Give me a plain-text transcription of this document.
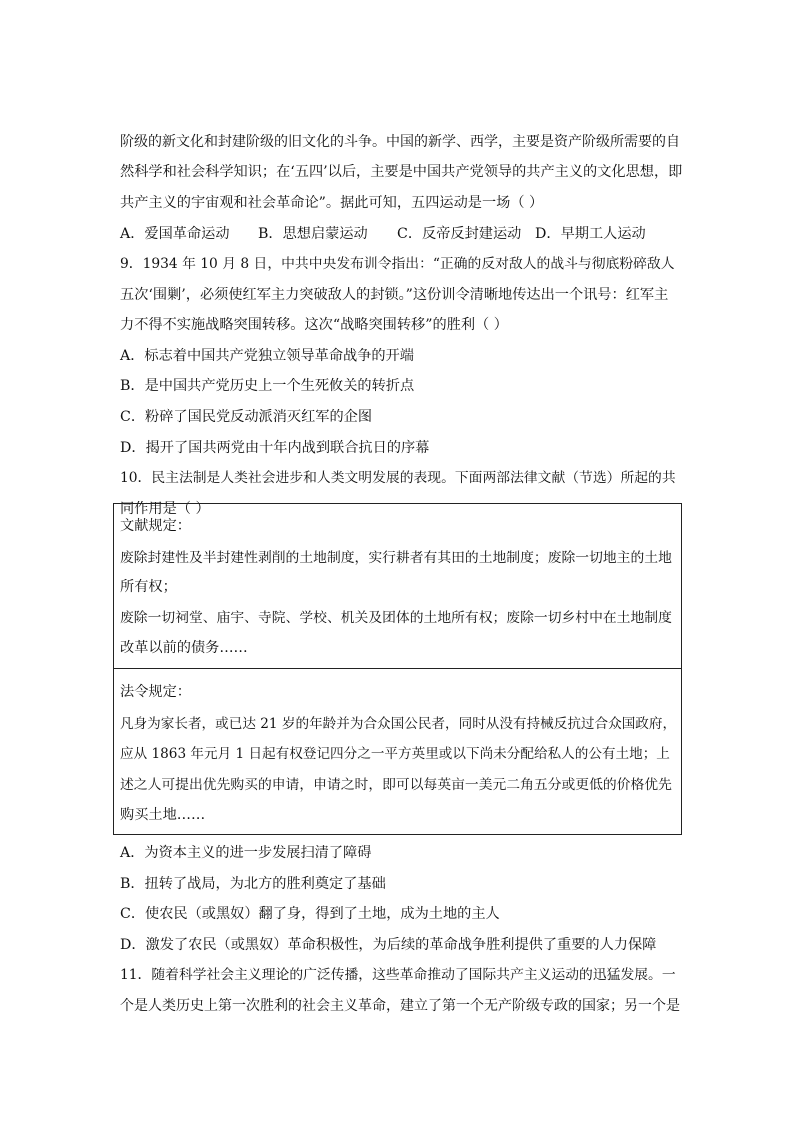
阶级的新文化和封建阶级的旧文化的斗争。中国的新学、西学，主要是资产阶级所需要的自
然科学和社会科学知识；在‘五四’以后，主要是中国共产党领导的共产主义的文化思想，即
共产主义的宇宙观和社会革命论”。据此可知，五四运动是一场（ ）
A．爱国革命运动 B．思想启蒙运动 C．反帝反封建运动 D．早期工人运动
9．1934 年 10 月 8 日，中共中央发布训令指出：“正确的反对敌人的战斗与彻底粉碎敌人
五次‘围剿’，必须使红军主力突破敌人的封锁。”这份训令清晰地传达出一个讯号：红军主
力不得不实施战略突围转移。这次“战略突围转移”的胜利（ ）
A．标志着中国共产党独立领导革命战争的开端
B．是中国共产党历史上一个生死攸关的转折点
C．粉碎了国民党反动派消灭红军的企图
D．揭开了国共两党由十年内战到联合抗日的序幕
10．民主法制是人类社会进步和人类文明发展的表现。下面两部法律文献（节选）所起的共
同作用是（ ）
文献规定：
废除封建性及半封建性剥削的土地制度，实行耕者有其田的土地制度；废除一切地主的土地
所有权；
废除一切祠堂、庙宇、寺院、学校、机关及团体的土地所有权；废除一切乡村中在土地制度
改革以前的债务……
法令规定：
凡身为家长者，或已达 21 岁的年龄并为合众国公民者，同时从没有持械反抗过合众国政府，
应从 1863 年元月 1 日起有权登记四分之一平方英里或以下尚未分配给私人的公有土地；上
述之人可提出优先购买的申请，申请之时，即可以每英亩一美元二角五分或更低的价格优先
购买土地……
A．为资本主义的进一步发展扫清了障碍
B．扭转了战局，为北方的胜利奠定了基础
C．使农民（或黑奴）翻了身，得到了土地，成为土地的主人
D．激发了农民（或黑奴）革命积极性，为后续的革命战争胜利提供了重要的人力保障
11．随着科学社会主义理论的广泛传播，这些革命推动了国际共产主义运动的迅猛发展。一
个是人类历史上第一次胜利的社会主义革命，建立了第一个无产阶级专政的国家；另一个是
